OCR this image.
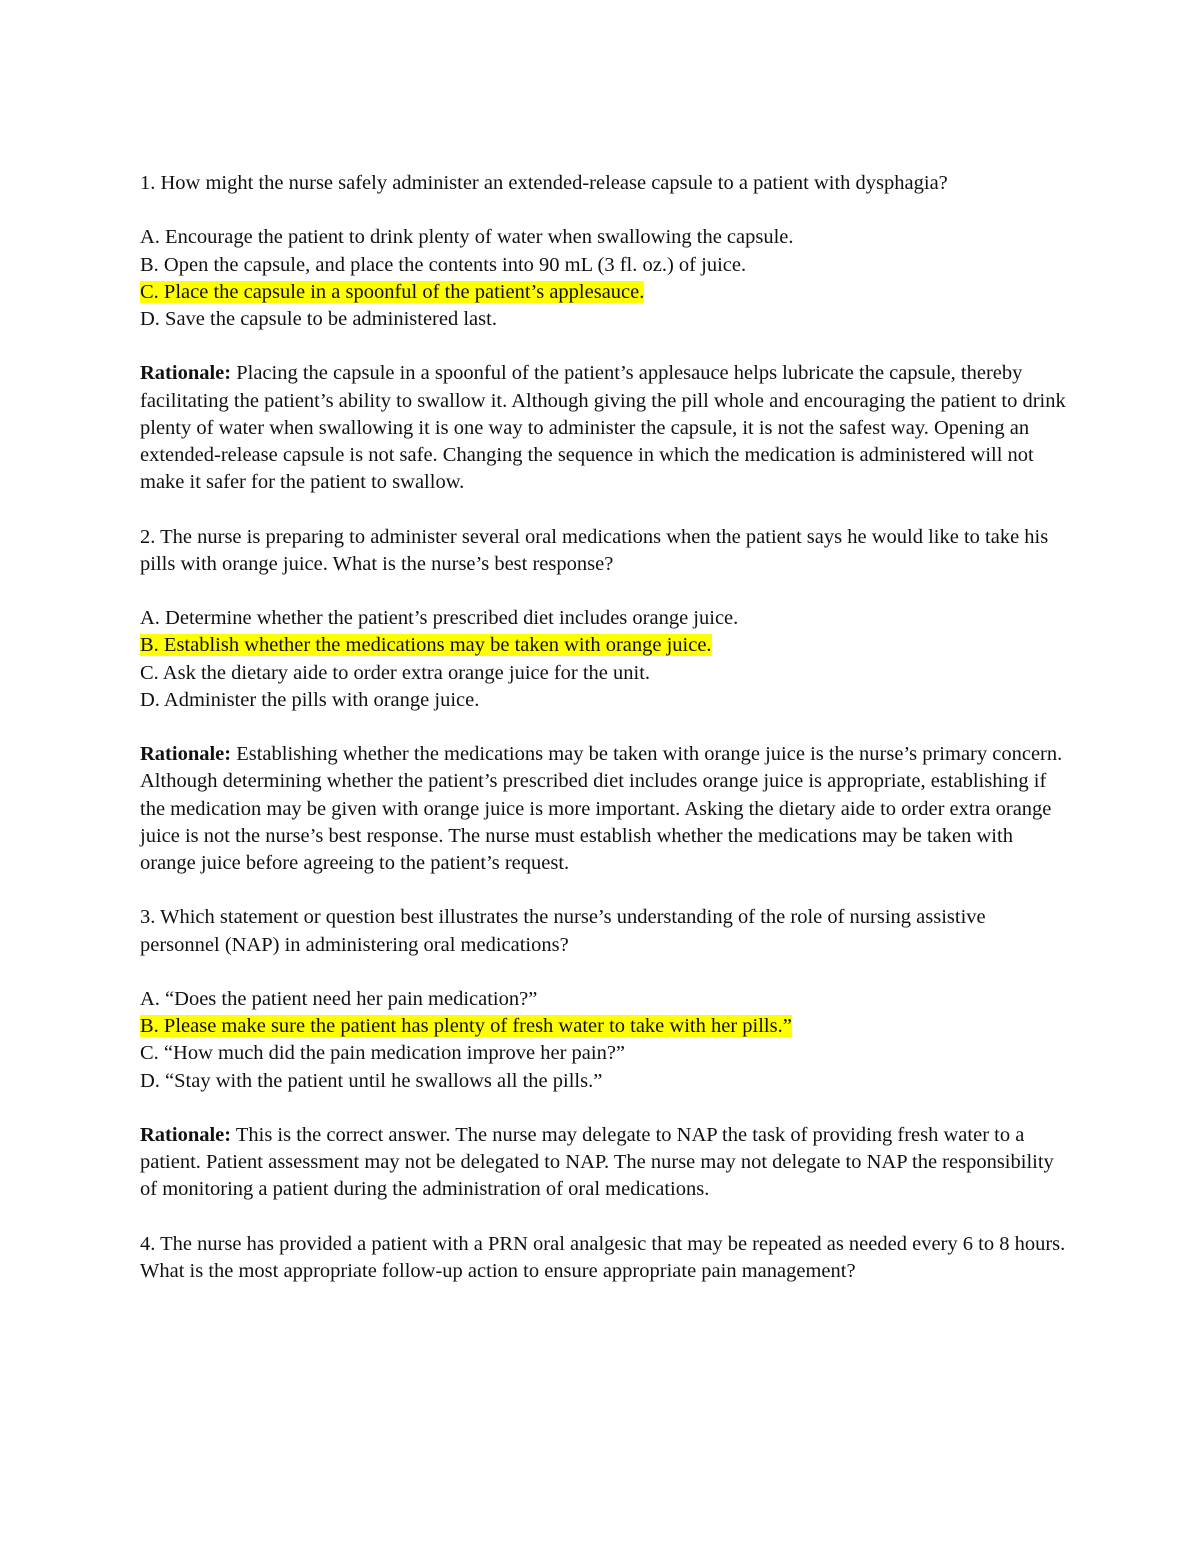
1. How might the nurse safely administer an extended-release capsule to a patient with dysphagia?

A. Encourage the patient to drink plenty of water when swallowing the capsule.
B. Open the capsule, and place the contents into 90 mL (3 fl. oz.) of juice.
C. Place the capsule in a spoonful of the patient’s applesauce.
D. Save the capsule to be administered last.

Rationale: Placing the capsule in a spoonful of the patient’s applesauce helps lubricate the capsule, thereby facilitating the patient’s ability to swallow it. Although giving the pill whole and encouraging the patient to drink plenty of water when swallowing it is one way to administer the capsule, it is not the safest way. Opening an extended-release capsule is not safe. Changing the sequence in which the medication is administered will not make it safer for the patient to swallow.

2. The nurse is preparing to administer several oral medications when the patient says he would like to take his pills with orange juice. What is the nurse’s best response?

A. Determine whether the patient’s prescribed diet includes orange juice.
B. Establish whether the medications may be taken with orange juice.
C. Ask the dietary aide to order extra orange juice for the unit.
D. Administer the pills with orange juice.

Rationale: Establishing whether the medications may be taken with orange juice is the nurse’s primary concern. Although determining whether the patient’s prescribed diet includes orange juice is appropriate, establishing if the medication may be given with orange juice is more important. Asking the dietary aide to order extra orange juice is not the nurse’s best response. The nurse must establish whether the medications may be taken with orange juice before agreeing to the patient’s request.

3. Which statement or question best illustrates the nurse’s understanding of the role of nursing assistive personnel (NAP) in administering oral medications?

A. “Does the patient need her pain medication?”
B. Please make sure the patient has plenty of fresh water to take with her pills.”
C. “How much did the pain medication improve her pain?”
D. “Stay with the patient until he swallows all the pills.”

Rationale: This is the correct answer. The nurse may delegate to NAP the task of providing fresh water to a patient. Patient assessment may not be delegated to NAP. The nurse may not delegate to NAP the responsibility of monitoring a patient during the administration of oral medications.

4. The nurse has provided a patient with a PRN oral analgesic that may be repeated as needed every 6 to 8 hours. What is the most appropriate follow-up action to ensure appropriate pain management?
